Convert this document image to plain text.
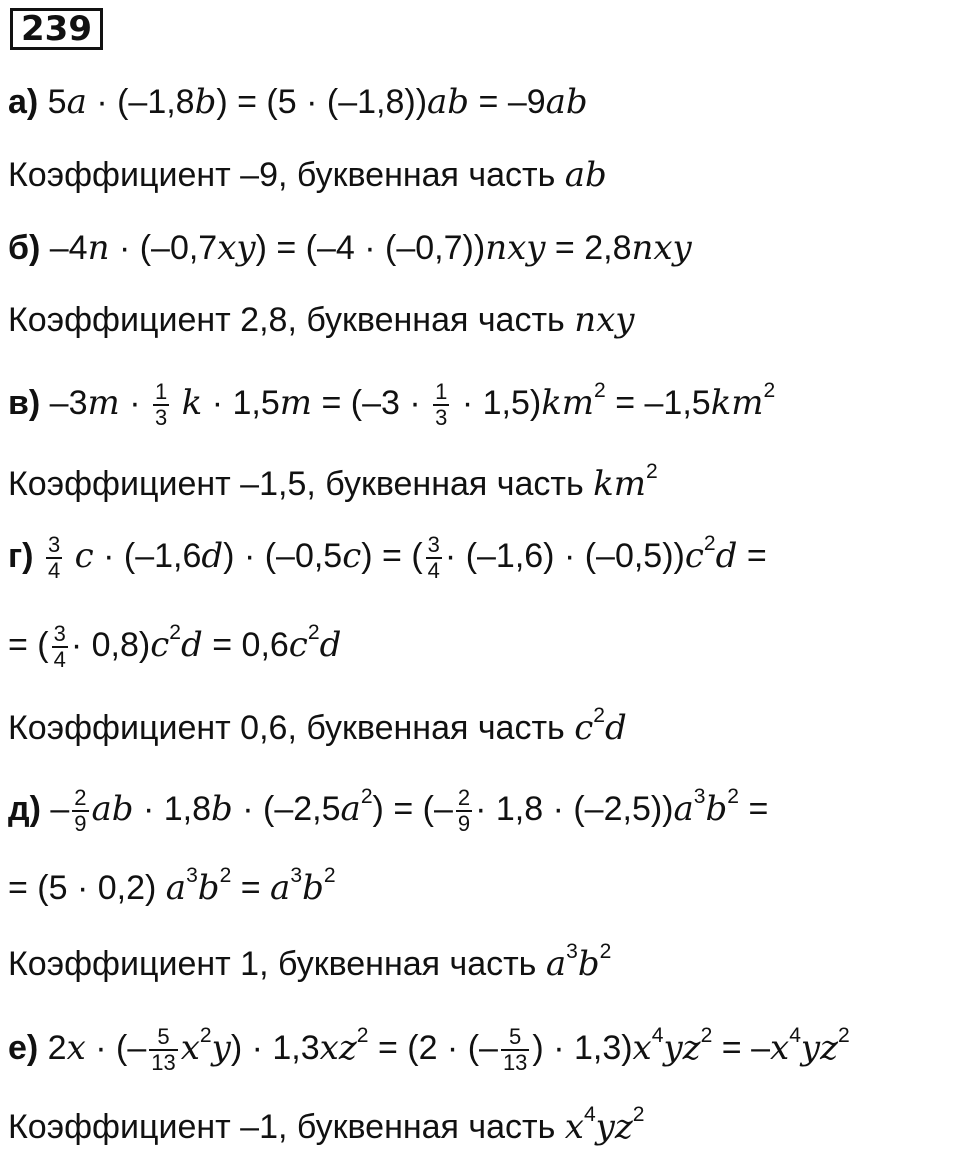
239
а) 5a · (–1,8b) = (5 · (–1,8))ab = –9ab
Коэффициент –9, буквенная часть ab
б) –4n · (–0,7xy) = (–4 · (–0,7))nxy = 2,8nxy
Коэффициент 2,8, буквенная часть nxy
в) $-3m \cdot \frac{1}{3}$ $k \cdot 1,5m = (-3 \cdot \frac{1}{3} \cdot 1,5)km^2 = -1,5km^2$
Коэффициент –1,5, буквенная часть $km^2$
$г) \frac{3}{4}$ c · (–1,6d) · (–0,5c) = ( $\frac{3}{4} \cdot (-1,6) \cdot (-0,5))c^2d$ =
= ( $\frac{3}{4} \cdot 0,8)c^2d = 0,6c^2d$
Коэффициент 0,6, буквенная часть $c^2d$
$д) - \frac{2}{9}$ ab · $1,8b \cdot (-2,5a^2)$ = (– $\frac{2}{9} \cdot 1,8 \cdot (-2,5))a^3b^2$ =
= (5 · 0,2) $a^3b^2 = a^3b^2$
Коэффициент 1, буквенная часть $a^3b^2$
е) 2x · (– $\frac{5}{13} x^2y) \cdot 1,3xz^2 = (2$ · (– $\frac{5}{13}$ ) · $1,3)x^4yz^2 = -x^4yz^2$
Коэффициент –1, буквенная часть $x^4yz^2$
